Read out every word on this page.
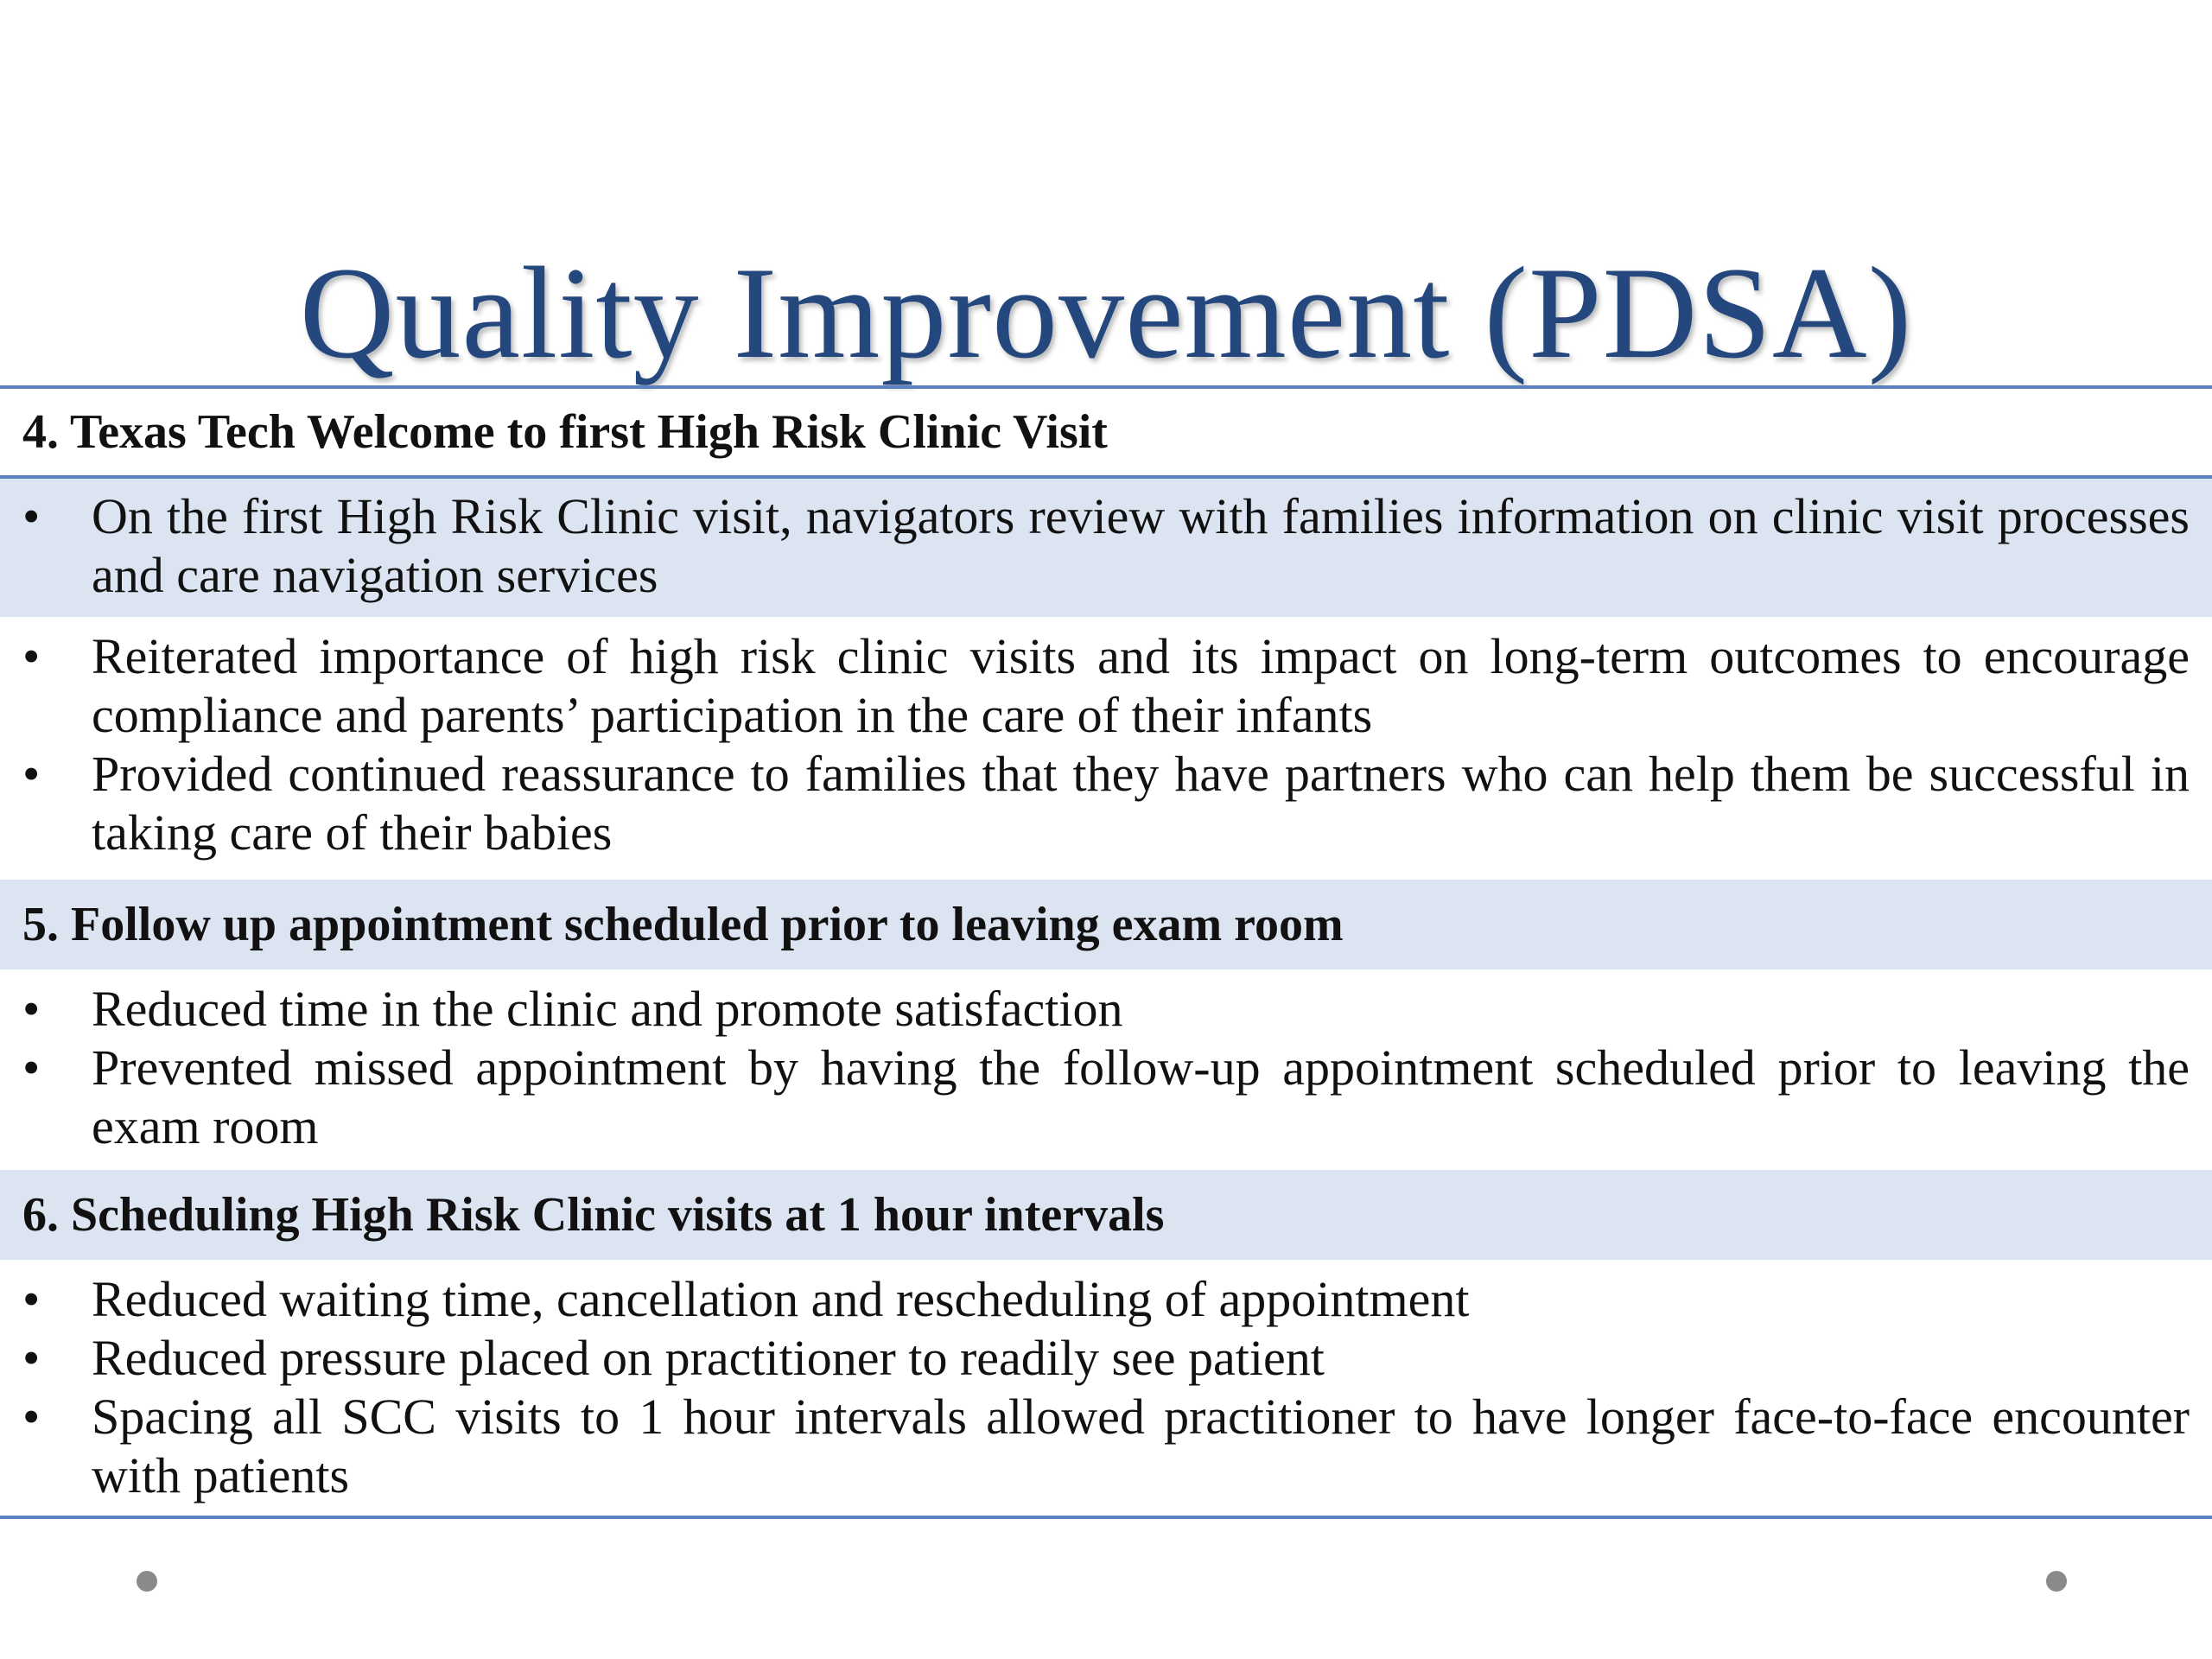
Quality Improvement (PDSA)
4. Texas Tech Welcome to first High Risk Clinic Visit
•	On the first High Risk Clinic visit, navigators review with families information on clinic visit processes and care navigation services
•	Reiterated importance of high risk clinic visits and its impact on long-term outcomes to encourage compliance and parents’ participation in the care of their infants
•	Provided continued reassurance to families that they have partners who can help them be successful in taking care of their babies
5. Follow up appointment scheduled prior to leaving exam room
•	Reduced time in the clinic and promote satisfaction
•	Prevented missed appointment by having the follow-up appointment scheduled prior to leaving the exam room
6. Scheduling High Risk Clinic visits at 1 hour intervals
•	Reduced waiting time, cancellation and rescheduling of appointment
•	Reduced pressure placed on practitioner to readily see patient
•	Spacing all SCC visits to 1 hour intervals allowed practitioner to have longer face-to-face encounter with patients
